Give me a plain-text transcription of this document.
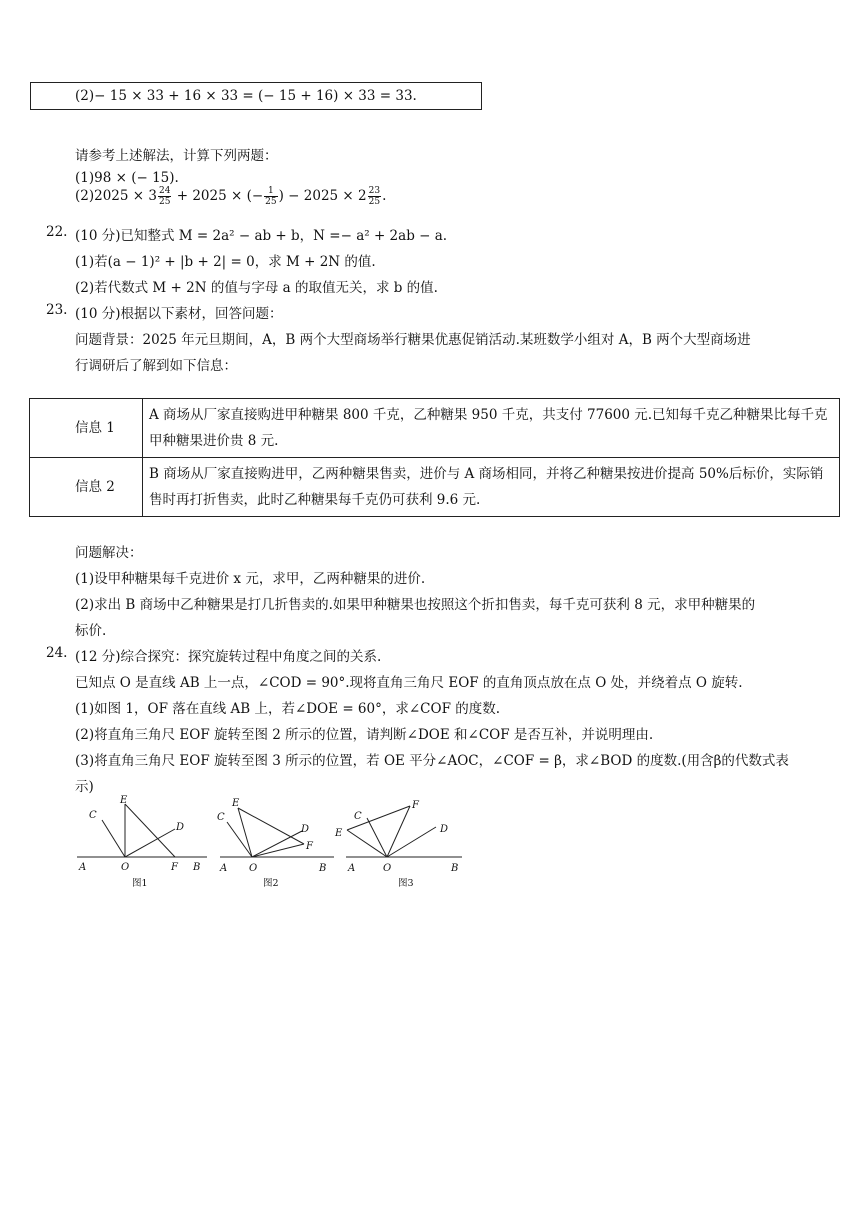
(2)− 15 × 33 + 16 × 33 = (− 15 + 16) × 33 = 33.
请参考上述解法，计算下列两题：
(1)98 × (− 15).
$(2)2025 \times 3 \frac{24}{25} + 2025$ × (− $\frac{1}{25}$ ) − $2025 \times 2 \frac{23}{25}$ .
22. (10 分)已知整式 M = 2a² − ab + b，N =− a² + 2ab − a.
(1)若(a − 1)² + |b + 2| = 0，求 M + 2N 的值.
(2)若代数式 M + 2N 的值与字母 a 的取值无关，求 b 的值.
23. (10 分)根据以下素材，回答问题：
问题背景：2025 年元旦期间，A，B 两个大型商场举行糖果优惠促销活动.某班数学小组对 A，B 两个大型商场进
行调研后了解到如下信息：
信息 1	A 商场从厂家直接购进甲种糖果 800 千克，乙种糖果 950 千克，共支付 77600 元.已知每千克乙种糖果比每千克甲种糖果进价贵 8 元.
信息 2	B 商场从厂家直接购进甲，乙两种糖果售卖，进价与 A 商场相同，并将乙种糖果按进价提高 50%后标价，实际销售时再打折售卖，此时乙种糖果每千克仍可获利 9.6 元.
问题解决：
(1)设甲种糖果每千克进价 x 元，求甲，乙两种糖果的进价.
(2)求出 B 商场中乙种糖果是打几折售卖的.如果甲种糖果也按照这个折扣售卖，每千克可获利 8 元，求甲种糖果的
标价.
24. (12 分)综合探究：探究旋转过程中角度之间的关系.
已知点 O 是直线 AB 上一点，∠COD = 90°.现将直角三角尺 EOF 的直角顶点放在点 O 处，并绕着点 O 旋转.
(1)如图 1，OF 落在直线 AB 上，若∠DOE = 60°，求∠COF 的度数.
(2)将直角三角尺 EOF 旋转至图 2 所示的位置，请判断∠DOE 和∠COF 是否互补，并说明理由.
(3)将直角三角尺 EOF 旋转至图 3 所示的位置，若 OE 平分∠AOC，∠COF = β，求∠BOD 的度数.(用含β的代数式表
示)
C
E
D
A	O	F B
图1
E
C
D
F
A O	B
图2
C
F
E	D
A	O	B
图3
